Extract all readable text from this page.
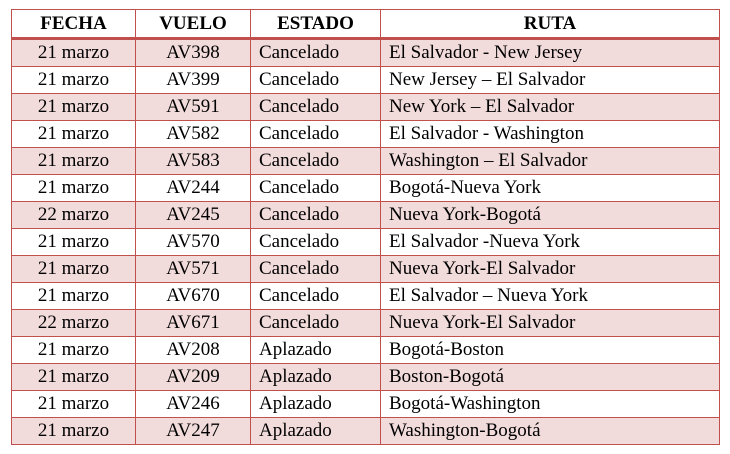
FECHA	VUELO	ESTADO	RUTA
21 marzo	AV398	Cancelado	El Salvador - New Jersey
21 marzo	AV399	Cancelado	New Jersey – El Salvador
21 marzo	AV591	Cancelado	New York – El Salvador
21 marzo	AV582	Cancelado	El Salvador - Washington
21 marzo	AV583	Cancelado	Washington – El Salvador
21 marzo	AV244	Cancelado	Bogotá-Nueva York
22 marzo	AV245	Cancelado	Nueva York-Bogotá
21 marzo	AV570	Cancelado	El Salvador -Nueva York
21 marzo	AV571	Cancelado	Nueva York-El Salvador
21 marzo	AV670	Cancelado	El Salvador – Nueva York
22 marzo	AV671	Cancelado	Nueva York-El Salvador
21 marzo	AV208	Aplazado	Bogotá-Boston
21 marzo	AV209	Aplazado	Boston-Bogotá
21 marzo	AV246	Aplazado	Bogotá-Washington
21 marzo	AV247	Aplazado	Washington-Bogotá
